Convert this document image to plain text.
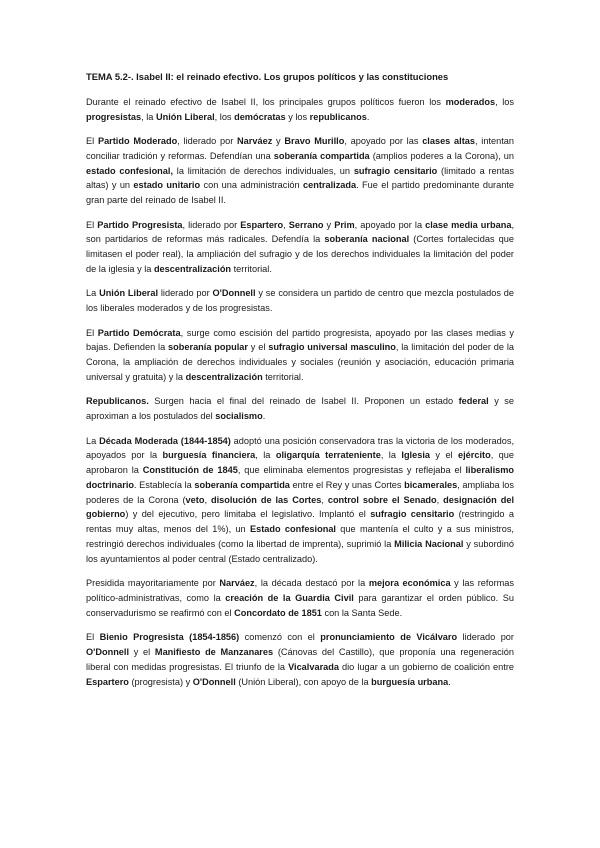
TEMA 5.2-. Isabel II: el reinado efectivo. Los grupos políticos y las constituciones

Durante el reinado efectivo de Isabel II, los principales grupos políticos fueron los moderados, los progresistas, la Unión Liberal, los demócratas y los republicanos.

El Partido Moderado, liderado por Narváez y Bravo Murillo, apoyado por las clases altas, intentan conciliar tradición y reformas. Defendían una soberanía compartida (amplios poderes a la Corona), un estado confesional, la limitación de derechos individuales, un sufragio censitario (limitado a rentas altas) y un estado unitario con una administración centralizada. Fue el partido predominante durante gran parte del reinado de Isabel II.

El Partido Progresista, liderado por Espartero, Serrano y Prim, apoyado por la clase media urbana, son partidarios de reformas más radicales. Defendía la soberanía nacional (Cortes fortalecidas que limitasen el poder real), la ampliación del sufragio y de los derechos individuales la limitación del poder de la iglesia y la descentralización territorial.

La Unión Liberal liderado por O'Donnell y se considera un partido de centro que mezcla postulados de los liberales moderados y de los progresistas.

El Partido Demócrata, surge como escisión del partido progresista, apoyado por las clases medias y bajas. Defienden la soberanía popular y el sufragio universal masculino, la limitación del poder de la Corona, la ampliación de derechos individuales y sociales (reunión y asociación, educación primaria universal y gratuita) y la descentralización territorial.

Republicanos. Surgen hacia el final del reinado de Isabel II. Proponen un estado federal y se aproximan a los postulados del socialismo.

La Década Moderada (1844-1854) adoptó una posición conservadora tras la victoria de los moderados, apoyados por la burguesía financiera, la oligarquía terrateniente, la Iglesia y el ejército, que aprobaron la Constitución de 1845, que eliminaba elementos progresistas y reflejaba el liberalismo doctrinario. Establecía la soberanía compartida entre el Rey y unas Cortes bicamerales, ampliaba los poderes de la Corona (veto, disolución de las Cortes, control sobre el Senado, designación del gobierno) y del ejecutivo, pero limitaba el legislativo. Implantó el sufragio censitario (restringido a rentas muy altas, menos del 1%), un Estado confesional que mantenía el culto y a sus ministros, restringió derechos individuales (como la libertad de imprenta), suprimió la Milicia Nacional y subordinó los ayuntamientos al poder central (Estado centralizado).

Presidida mayoritariamente por Narváez, la década destacó por la mejora económica y las reformas político-administrativas, como la creación de la Guardia Civil para garantizar el orden público. Su conservadurismo se reafirmó con el Concordato de 1851 con la Santa Sede.

El Bienio Progresista (1854-1856) comenzó con el pronunciamiento de Vicálvaro liderado por O'Donnell y el Manifiesto de Manzanares (Cánovas del Castillo), que proponía una regeneración liberal con medidas progresistas. El triunfo de la Vicalvarada dio lugar a un gobierno de coalición entre Espartero (progresista) y O'Donnell (Unión Liberal), con apoyo de la burguesía urbana.
